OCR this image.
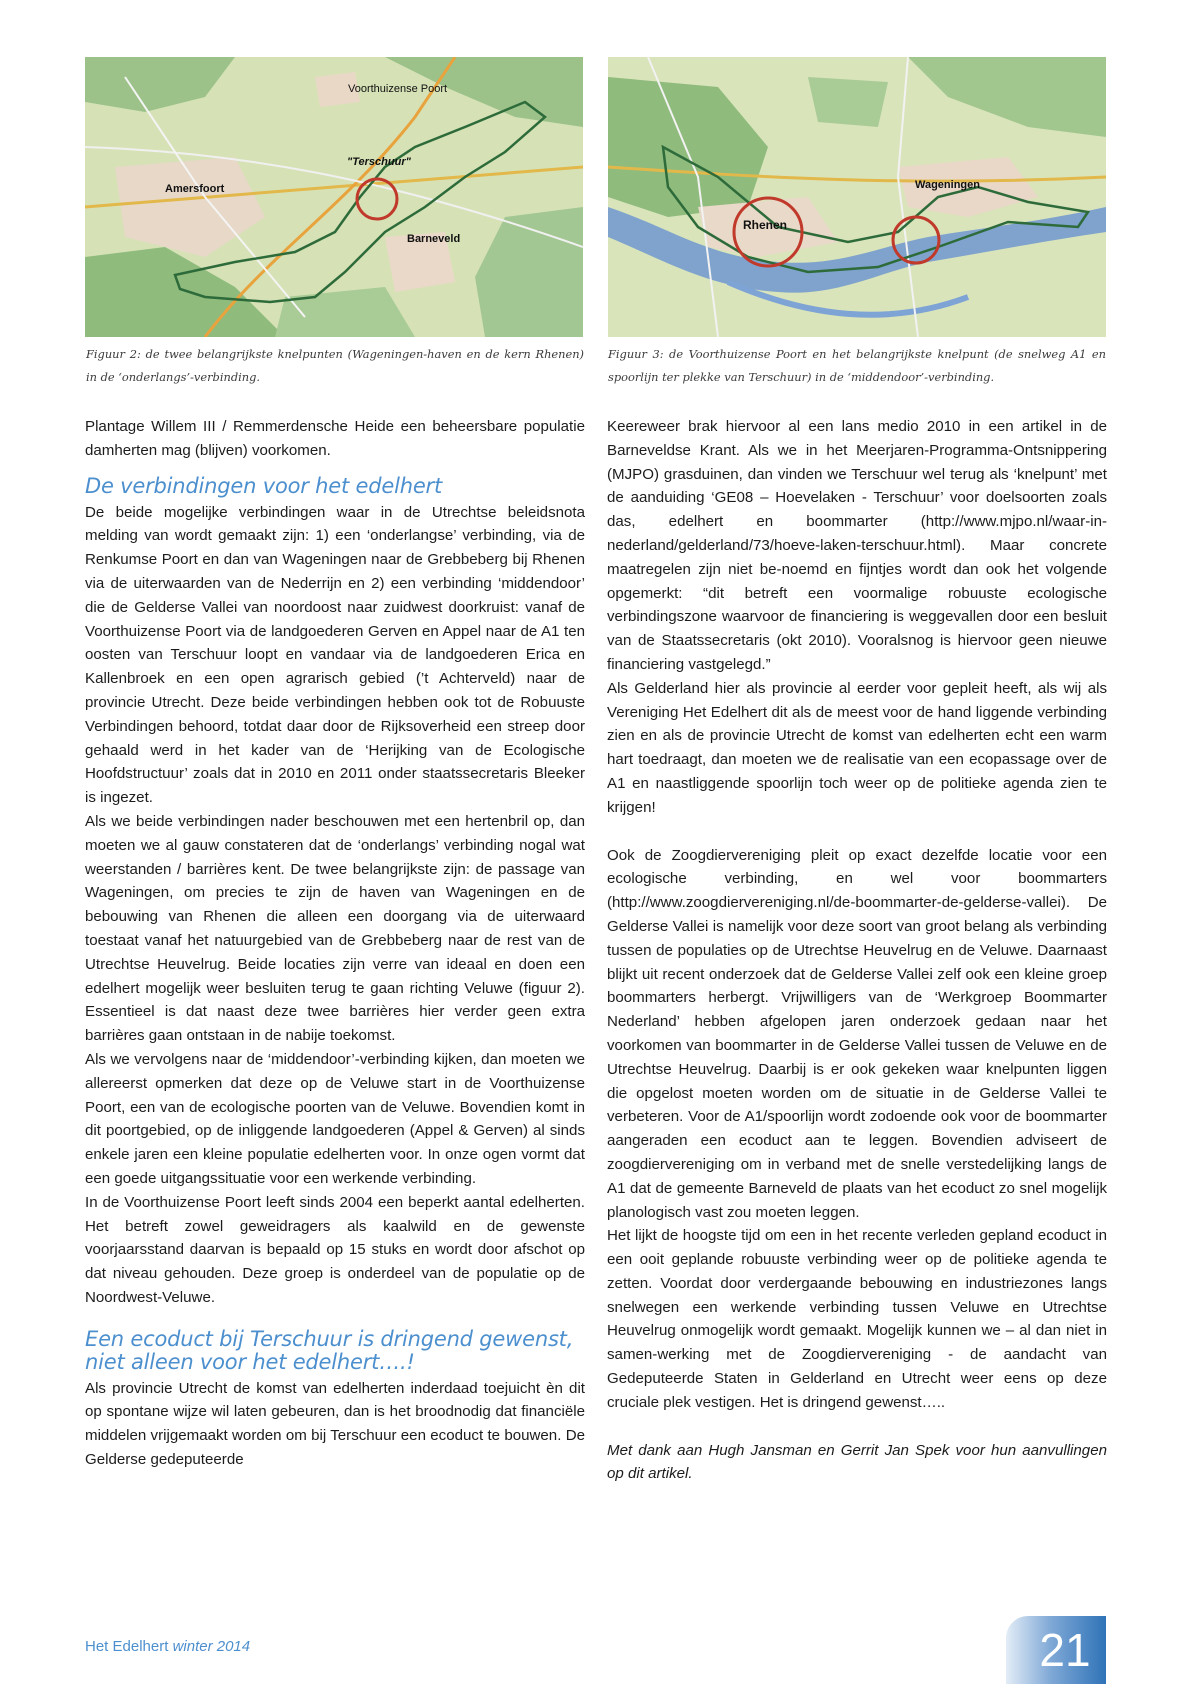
Voorthuizense Poort
"Terschuur"
Amersfoort
Barneveld
Wageningen
Rhenen
Figuur 2: de twee belangrijkste knelpunten (Wageningen-haven en de kern Rhenen) in de ‘onderlangs’-verbinding.
Figuur 3: de Voorthuizense Poort en het belangrijkste knelpunt (de snelweg A1 en spoorlijn ter plekke van Terschuur) in de ‘middendoor’-verbinding.

Plantage Willem III / Remmerdensche Heide een beheersbare populatie damherten mag (blijven) voorkomen.

De verbindingen voor het edelhert

De beide mogelijke verbindingen waar in de Utrechtse beleidsnota melding van wordt gemaakt zijn: 1) een ‘onderlangse’ verbinding, via de Renkumse Poort en dan van Wageningen naar de Grebbeberg bij Rhenen via de uiterwaarden van de Nederrijn en 2) een verbinding ‘middendoor’ die de Gelderse Vallei van noordoost naar zuidwest doorkruist: vanaf de Voorthuizense Poort via de landgoederen Gerven en Appel naar de A1 ten oosten van Terschuur loopt en vandaar via de landgoederen Erica en Kallenbroek en een open agrarisch gebied (’t Achterveld) naar de provincie Utrecht. Deze beide verbindingen hebben ook tot de Robuuste Verbindingen behoord, totdat daar door de Rijksoverheid een streep door gehaald werd in het kader van de ‘Herijking van de Ecologische Hoofdstructuur’ zoals dat in 2010 en 2011 onder staatssecretaris Bleeker is ingezet.

Als we beide verbindingen nader beschouwen met een hertenbril op, dan moeten we al gauw constateren dat de ‘onderlangs’ verbinding nogal wat weerstanden / barrières kent. De twee belangrijkste zijn: de passage van Wageningen, om precies te zijn de haven van Wageningen en de bebouwing van Rhenen die alleen een doorgang via de uiterwaard toestaat vanaf het natuurgebied van de Grebbeberg naar de rest van de Utrechtse Heuvelrug. Beide locaties zijn verre van ideaal en doen een edelhert mogelijk weer besluiten terug te gaan richting Veluwe (figuur 2). Essentieel is dat naast deze twee barrières hier verder geen extra barrières gaan ontstaan in de nabije toekomst.

Als we vervolgens naar de ‘middendoor’-verbinding kijken, dan moeten we allereerst opmerken dat deze op de Veluwe start in de Voorthuizense Poort, een van de ecologische poorten van de Veluwe. Bovendien komt in dit poortgebied, op de inliggende landgoederen (Appel & Gerven) al sinds enkele jaren een kleine populatie edelherten voor. In onze ogen vormt dat een goede uitgangssituatie voor een werkende verbinding.

In de Voorthuizense Poort leeft sinds 2004 een beperkt aantal edelherten. Het betreft zowel geweidragers als kaalwild en de gewenste voorjaarsstand daarvan is bepaald op 15 stuks en wordt door afschot op dat niveau gehouden. Deze groep is onderdeel van de populatie op de Noordwest-Veluwe.

Een ecoduct bij Terschuur is dringend gewenst,
niet alleen voor het edelhert….!

Als provincie Utrecht de komst van edelherten inderdaad toejuicht èn dit op spontane wijze wil laten gebeuren, dan is het broodnodig dat financiële middelen vrijgemaakt worden om bij Terschuur een ecoduct te bouwen. De Gelderse gedeputeerde

Keereweer brak hiervoor al een lans medio 2010 in een artikel in de Barneveldse Krant. Als we in het Meerjaren-Programma-Ontsnippering (MJPO) grasduinen, dan vinden we Terschuur wel terug als ‘knelpunt’ met de aanduiding ‘GE08 – Hoevelaken - Terschuur’ voor doelsoorten zoals das, edelhert en boommarter (http://www.mjpo.nl/waar-in-nederland/gelderland/73/hoeve-laken-terschuur.html). Maar concrete maatregelen zijn niet be-noemd en fijntjes wordt dan ook het volgende opgemerkt: “dit betreft een voormalige robuuste ecologische verbindingszone waarvoor de financiering is weggevallen door een besluit van de Staatssecretaris (okt 2010). Vooralsnog is hiervoor geen nieuwe financiering vastgelegd.”

Als Gelderland hier als provincie al eerder voor gepleit heeft, als wij als Vereniging Het Edelhert dit als de meest voor de hand liggende verbinding zien en als de provincie Utrecht de komst van edelherten echt een warm hart toedraagt, dan moeten we de realisatie van een ecopassage over de A1 en naastliggende spoorlijn toch weer op de politieke agenda zien te krijgen!

Ook de Zoogdiervereniging pleit op exact dezelfde locatie voor een ecologische verbinding, en wel voor boommarters (http://www.zoogdiervereniging.nl/de-boommarter-de-gelderse-vallei). De Gelderse Vallei is namelijk voor deze soort van groot belang als verbinding tussen de populaties op de Utrechtse Heuvelrug en de Veluwe. Daarnaast blijkt uit recent onderzoek dat de Gelderse Vallei zelf ook een kleine groep boommarters herbergt. Vrijwilligers van de ‘Werkgroep Boommarter Nederland’ hebben afgelopen jaren onderzoek gedaan naar het voorkomen van boommarter in de Gelderse Vallei tussen de Veluwe en de Utrechtse Heuvelrug. Daarbij is er ook gekeken waar knelpunten liggen die opgelost moeten worden om de situatie in de Gelderse Vallei te verbeteren. Voor de A1/spoorlijn wordt zodoende ook voor de boommarter aangeraden een ecoduct aan te leggen. Bovendien adviseert de zoogdiervereniging om in verband met de snelle verstedelijking langs de A1 dat de gemeente Barneveld de plaats van het ecoduct zo snel mogelijk planologisch vast zou moeten leggen.

Het lijkt de hoogste tijd om een in het recente verleden gepland ecoduct in een ooit geplande robuuste verbinding weer op de politieke agenda te zetten. Voordat door verdergaande bebouwing en industriezones langs snelwegen een werkende verbinding tussen Veluwe en Utrechtse Heuvelrug onmogelijk wordt gemaakt. Mogelijk kunnen we – al dan niet in samen-werking met de Zoogdiervereniging - de aandacht van Gedeputeerde Staten in Gelderland en Utrecht weer eens op deze cruciale plek vestigen. Het is dringend gewenst…..

Met dank aan Hugh Jansman en Gerrit Jan Spek voor hun aanvullingen op dit artikel.

Het Edelhert winter 2014	21
